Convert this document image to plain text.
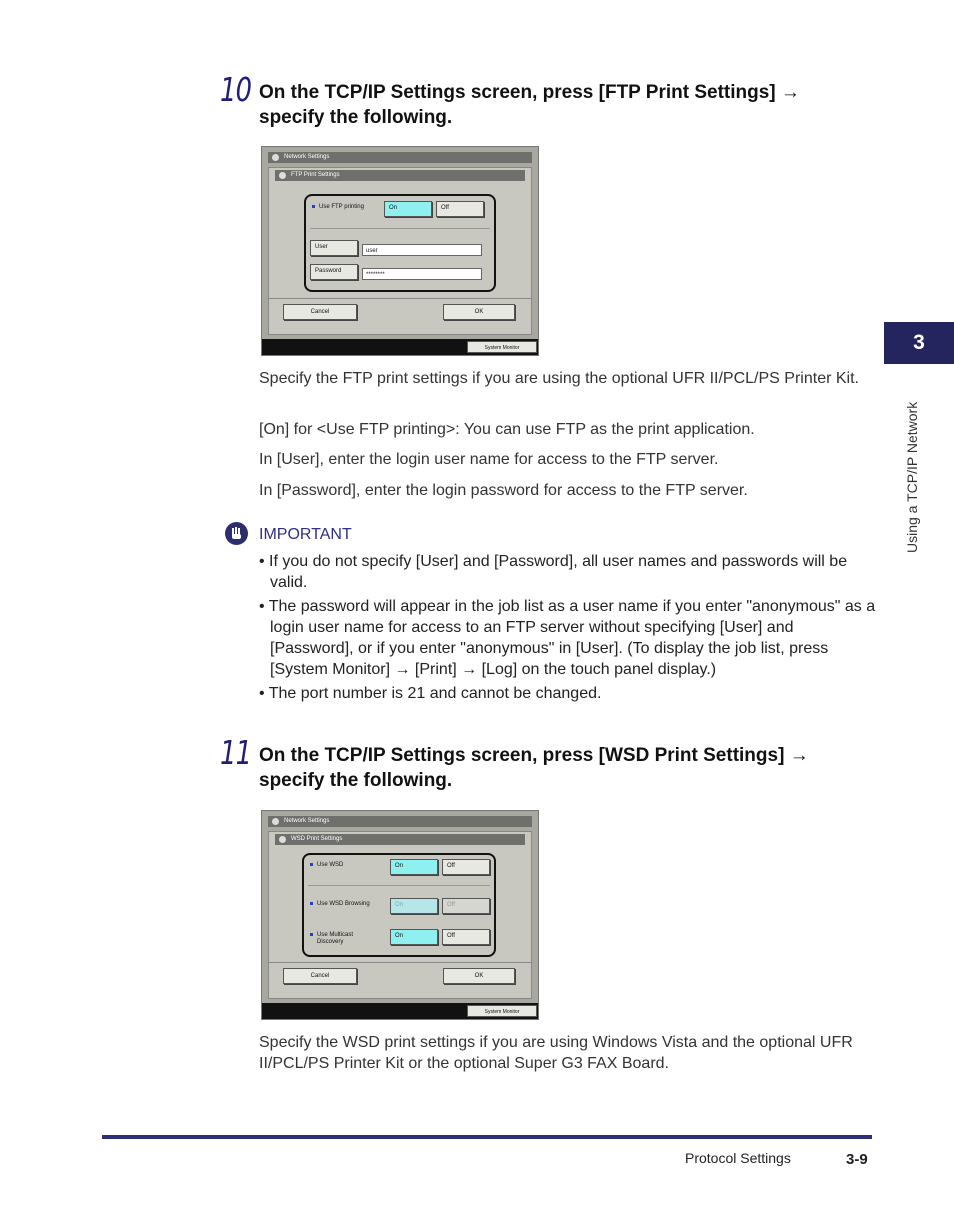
3
Using a TCP/IP Network
10 On the TCP/IP Settings screen, press [FTP Print Settings] →
specify the following.
Network Settings
FTP Print Settings
Use FTP printing	On	Off
User
user
Password
********
Cancel	OK
System Monitor
Specify the FTP print settings if you are using the optional UFR II/PCL/PS Printer Kit.
[On] for <Use FTP printing>: You can use FTP as the print application.
In [User], enter the login user name for access to the FTP server.
In [Password], enter the login password for access to the FTP server.
IMPORTANT
• If you do not specify [User] and [Password], all user names and passwords will be valid.
• The password will appear in the job list as a user name if you enter "anonymous" as a login user name for access to an FTP server without specifying [User] and [Password], or if you enter "anonymous" in [User]. (To display the job list, press [System Monitor] → [Print] → [Log] on the touch panel display.)
• The port number is 21 and cannot be changed.
11 On the TCP/IP Settings screen, press [WSD Print Settings] →
specify the following.
Network Settings
WSD Print Settings
Use WSD	On	Off
Use WSD Browsing	On	Off
Use Multicast
Discovery
On	Off
Cancel	OK
System Monitor
Specify the WSD print settings if you are using Windows Vista and the optional UFR II/PCL/PS Printer Kit or the optional Super G3 FAX Board.
Protocol Settings	3-9
